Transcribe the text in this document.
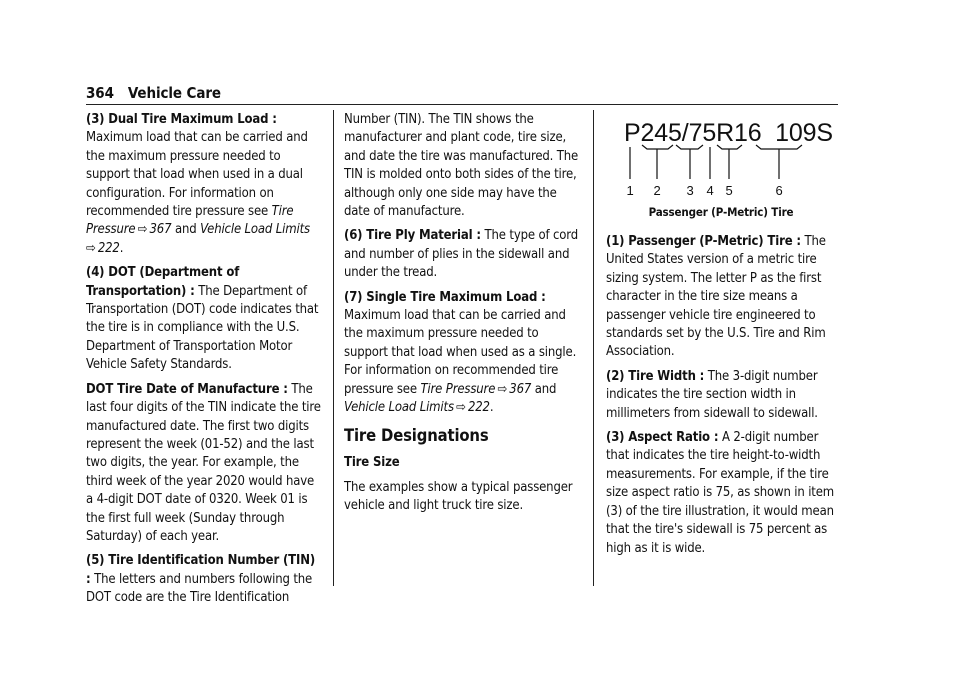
364 Vehicle Care

(3) Dual Tire Maximum Load : Maximum load that can be carried and the maximum pressure needed to support that load when used in a dual configuration. For information on recommended tire pressure see Tire Pressure  ⇨  367 and Vehicle Load Limits ⇨  222.

(4) DOT (Department of Transportation) : The Department of Transportation (DOT) code indicates that the tire is in compliance with the U.S. Department of Transportation Motor Vehicle Safety Standards.

DOT Tire Date of Manufacture : The last four digits of the TIN indicate the tire manufactured date. The first two digits represent the week (01-52) and the last two digits, the year. For example, the third week of the year 2020 would have a 4-digit DOT date of 0320. Week 01 is the first full week (Sunday through Saturday) of each year.

(5) Tire Identification Number (TIN) : The letters and numbers following the DOT code are the Tire Identification

Number (TIN). The TIN shows the manufacturer and plant code, tire size, and date the tire was manufactured. The TIN is molded onto both sides of the tire, although only one side may have the date of manufacture.

(6) Tire Ply Material : The type of cord and number of plies in the sidewall and under the tread.

(7) Single Tire Maximum Load : Maximum load that can be carried and the maximum pressure needed to support that load when used as a single. For information on recommended tire pressure see Tire Pressure  ⇨  367 and Vehicle Load Limits  ⇨  222.

Tire Designations
Tire Size

The examples show a typical passenger vehicle and light truck tire size.

P245/75R16  109S
1 2 3 4 5	6
Passenger (P-Metric) Tire

(1) Passenger (P-Metric) Tire : The United States version of a metric tire sizing system. The letter P as the first character in the tire size means a passenger vehicle tire engineered to standards set by the U.S. Tire and Rim Association.

(2) Tire Width : The 3-digit number indicates the tire section width in millimeters from sidewall to sidewall.

(3) Aspect Ratio : A 2-digit number that indicates the tire height-to-width measurements. For example, if the tire size aspect ratio is 75, as shown in item (3) of the tire illustration, it would mean that the tire's sidewall is 75 percent as high as it is wide.
